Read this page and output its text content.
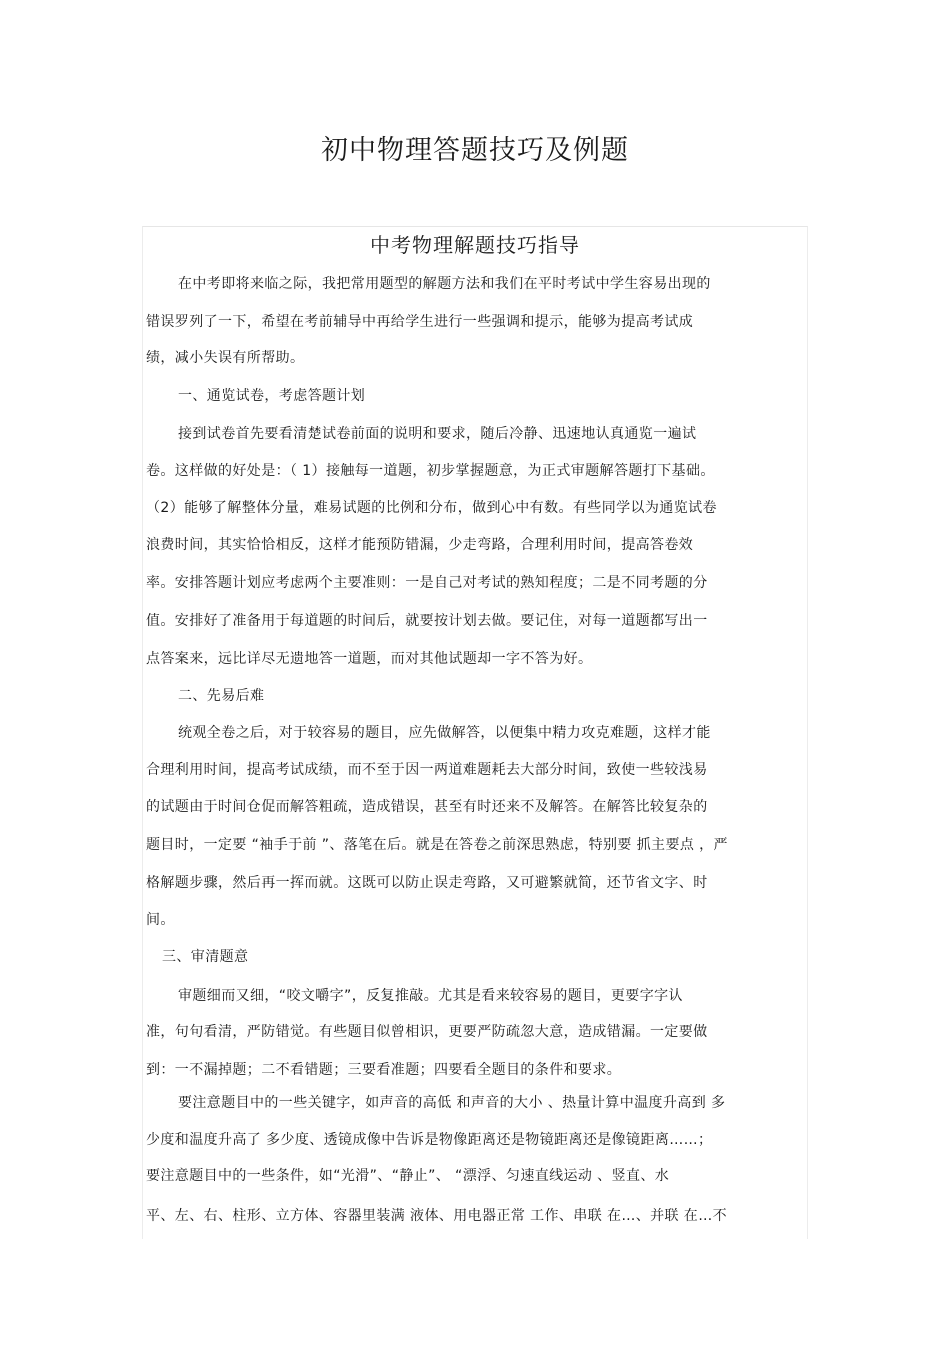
初中物理答题技巧及例题
中考物理解题技巧指导
在中考即将来临之际，我把常用题型的解题方法和我们在平时考试中学生容易出现的
错误罗列了一下，希望在考前辅导中再给学生进行一些强调和提示，能够为提高考试成
绩，减小失误有所帮助。
一、通览试卷，考虑答题计划
接到试卷首先要看清楚试卷前面的说明和要求，随后冷静、迅速地认真通览一遍试
卷。这样做的好处是：（ 1）接触每一道题，初步掌握题意，为正式审题解答题打下基础。
（2）能够了解整体分量，难易试题的比例和分布，做到心中有数。有些同学以为通览试卷
浪费时间，其实恰恰相反，这样才能预防错漏，少走弯路，合理利用时间，提高答卷效
率。安排答题计划应考虑两个主要准则：一是自己对考试的熟知程度；二是不同考题的分
值。安排好了准备用于每道题的时间后，就要按计划去做。要记住，对每一道题都写出一
点答案来，远比详尽无遗地答一道题，而对其他试题却一字不答为好。
二、先易后难
统观全卷之后，对于较容易的题目，应先做解答，以便集中精力攻克难题，这样才能
合理利用时间，提高考试成绩，而不至于因一两道难题耗去大部分时间，致使一些较浅易
的试题由于时间仓促而解答粗疏，造成错误，甚至有时还来不及解答。在解答比较复杂的
题目时，一定要 “袖手于前 ”、落笔在后。就是在答卷之前深思熟虑，特别要 抓主要点 ，严
格解题步骤，然后再一挥而就。这既可以防止误走弯路，又可避繁就简，还节省文字、时
间。
三、审清题意
审题细而又细，“咬文嚼字”，反复推敲。尤其是看来较容易的题目，更要字字认
准，句句看清，严防错觉。有些题目似曾相识，更要严防疏忽大意，造成错漏。一定要做
到：一不漏掉题；二不看错题；三要看准题；四要看全题目的条件和要求。
要注意题目中的一些关键字，如声音的高低 和声音的大小 、热量计算中温度升高到 多
少度和温度升高了 多少度、透镜成像中告诉是物像距离还是物镜距离还是像镜距离……；
要注意题目中的一些条件，如“光滑”、“静止”、 “漂浮、匀速直线运动 、竖直、水
平、左、右、柱形、立方体、容器里装满 液体、用电器正常 工作、串联 在…、并联 在…不
